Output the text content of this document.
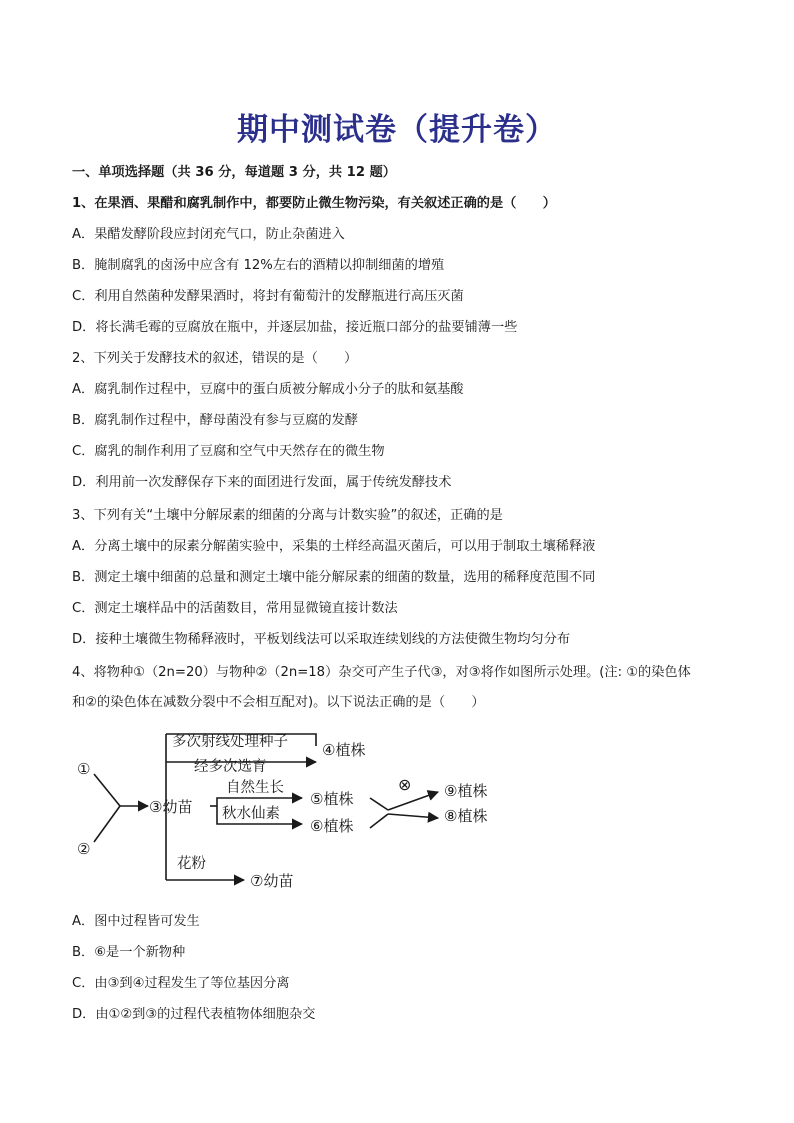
期中测试卷（提升卷）
一、单项选择题（共 36 分，每道题 3 分，共 12 题）
1、在果酒、果醋和腐乳制作中，都要防止微生物污染，有关叙述正确的是（　　）
A．果醋发酵阶段应封闭充气口，防止杂菌进入
B．腌制腐乳的卤汤中应含有 12%左右的酒精以抑制细菌的增殖
C．利用自然菌种发酵果酒时，将封有葡萄汁的发酵瓶进行高压灭菌
D．将长满毛霉的豆腐放在瓶中，并逐层加盐，接近瓶口部分的盐要铺薄一些
2、下列关于发酵技术的叙述，错误的是（　　）
A．腐乳制作过程中，豆腐中的蛋白质被分解成小分子的肽和氨基酸
B．腐乳制作过程中，酵母菌没有参与豆腐的发酵
C．腐乳的制作利用了豆腐和空气中天然存在的微生物
D．利用前一次发酵保存下来的面团进行发面，属于传统发酵技术
3、下列有关“土壤中分解尿素的细菌的分离与计数实验”的叙述，正确的是
A．分离土壤中的尿素分解菌实验中，采集的土样经高温灭菌后，可以用于制取土壤稀释液
B．测定土壤中细菌的总量和测定土壤中能分解尿素的细菌的数量，选用的稀释度范围不同
C．测定土壤样品中的活菌数目，常用显微镜直接计数法
D．接种土壤微生物稀释液时，平板划线法可以采取连续划线的方法使微生物均匀分布
4、将物种①（2n=20）与物种②（2n=18）杂交可产生子代③，对③将作如图所示处理。(注: ①的染色体
和②的染色体在减数分裂中不会相互配对)。以下说法正确的是（　　）
①
②
③幼苗
多次射线处理种子
经多次选育
④植株
自然生长
秋水仙素
⑤植株
⑥植株
⊗ ⑨植株
⑧植株
花粉
⑦幼苗
A．图中过程皆可发生
B．⑥是一个新物种
C．由③到④过程发生了等位基因分离
D．由①②到③的过程代表植物体细胞杂交
